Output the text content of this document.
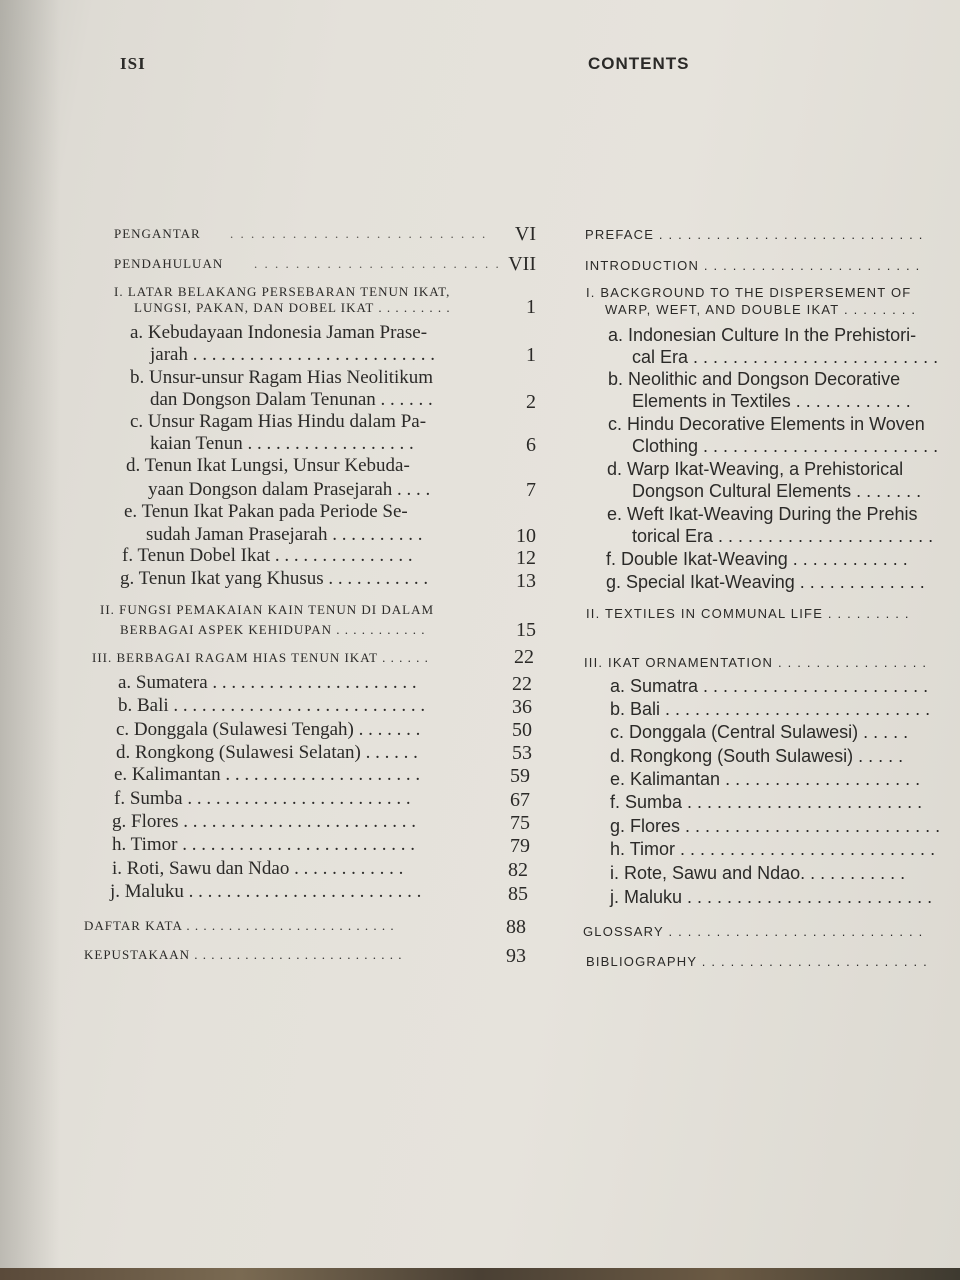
ISI	CONTENTS
PENGANTAR . . . . . . . . . . . . . . . . . . . . . . . . .	VI
PENDAHULUAN . . . . . . . . . . . . . . . . . . . . . . . . VII
I. LATAR BELAKANG PERSEBARAN TENUN IKAT,
LUNGSI, PAKAN, DAN DOBEL IKAT . . . . . . . . .	1
a. Kebudayaan Indonesia Jaman Prase-
jarah . . . . . . . . . . . . . . . . . . . . . . . . . .	1
b. Unsur-unsur Ragam Hias Neolitikum
dan Dongson Dalam Tenunan . . . . . .	2
c. Unsur Ragam Hias Hindu dalam Pa-
kaian Tenun . . . . . . . . . . . . . . . . . .	6
d. Tenun Ikat Lungsi, Unsur Kebuda-
yaan Dongson dalam Prasejarah . . . .	7
e. Tenun Ikat Pakan pada Periode Se-
sudah Jaman Prasejarah . . . . . . . . . .	10
f. Tenun Dobel Ikat . . . . . . . . . . . . . . .	12
g. Tenun Ikat yang Khusus . . . . . . . . . . .	13
II. FUNGSI PEMAKAIAN KAIN TENUN DI DALAM
BERBAGAI ASPEK KEHIDUPAN . . . . . . . . . . .	15
III. BERBAGAI RAGAM HIAS TENUN IKAT . . . . . .	22
a. Sumatera . . . . . . . . . . . . . . . . . . . . . .	22
b. Bali . . . . . . . . . . . . . . . . . . . . . . . . . . .	36
c. Donggala (Sulawesi Tengah) . . . . . . .	50
d. Rongkong (Sulawesi Selatan) . . . . . .	53
e. Kalimantan . . . . . . . . . . . . . . . . . . . . .	59
f. Sumba . . . . . . . . . . . . . . . . . . . . . . . .	67
g. Flores . . . . . . . . . . . . . . . . . . . . . . . . .	75
h. Timor . . . . . . . . . . . . . . . . . . . . . . . . .	79
i. Roti, Sawu dan Ndao . . . . . . . . . . . .	82
j. Maluku . . . . . . . . . . . . . . . . . . . . . . . . .	85
DAFTAR KATA . . . . . . . . . . . . . . . . . . . . . . . . .	88
KEPUSTAKAAN . . . . . . . . . . . . . . . . . . . . . . . . .	93
PREFACE . . . . . . . . . . . . . . . . . . . . . . . . . . . .
INTRODUCTION . . . . . . . . . . . . . . . . . . . . . . .
I. BACKGROUND TO THE DISPERSEMENT OF
WARP, WEFT, AND DOUBLE IKAT . . . . . . . .
a. Indonesian Culture In the Prehistori-
cal Era . . . . . . . . . . . . . . . . . . . . . . . . .
b. Neolithic and Dongson Decorative
Elements in Textiles . . . . . . . . . . . .
c. Hindu Decorative Elements in Woven
Clothing . . . . . . . . . . . . . . . . . . . . . . . .
d. Warp Ikat-Weaving, a Prehistorical
Dongson Cultural Elements . . . . . . .
e. Weft Ikat-Weaving During the Prehis
torical Era . . . . . . . . . . . . . . . . . . . . . .
f. Double Ikat-Weaving . . . . . . . . . . . .
g. Special Ikat-Weaving . . . . . . . . . . . . .
II. TEXTILES IN COMMUNAL LIFE . . . . . . . . .
III. IKAT ORNAMENTATION . . . . . . . . . . . . . . . .
a. Sumatra . . . . . . . . . . . . . . . . . . . . . . .
b. Bali . . . . . . . . . . . . . . . . . . . . . . . . . . .
c. Donggala (Central Sulawesi) . . . . .
d. Rongkong (South Sulawesi) . . . . .
e. Kalimantan . . . . . . . . . . . . . . . . . . . .
f. Sumba . . . . . . . . . . . . . . . . . . . . . . . .
g. Flores . . . . . . . . . . . . . . . . . . . . . . . . . .
h. Timor . . . . . . . . . . . . . . . . . . . . . . . . . .
i. Rote, Sawu and Ndao. . . . . . . . . . .
j. Maluku . . . . . . . . . . . . . . . . . . . . . . . . .
GLOSSARY . . . . . . . . . . . . . . . . . . . . . . . . . . .
BIBLIOGRAPHY . . . . . . . . . . . . . . . . . . . . . . . .
